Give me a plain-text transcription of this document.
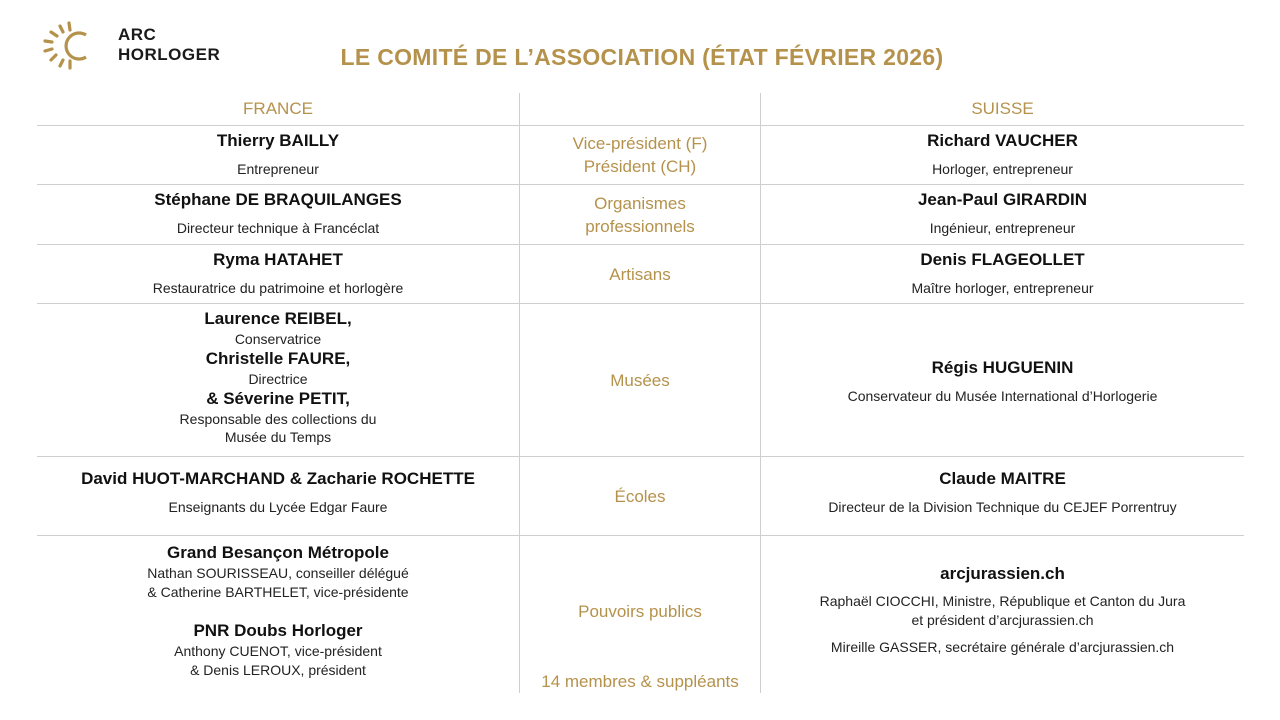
ARC
HORLOGER	LE COMITÉ DE L’ASSOCIATION (ÉTAT FÉVRIER 2026)
FRANCE	SUISSE
Thierry BAILLY
Entrepreneur
Vice-président (F)
Président (CH)
Richard VAUCHER
Horloger, entrepreneur
Stéphane DE BRAQUILANGES
Directeur technique à Francéclat
Organismes
professionnels
Jean-Paul GIRARDIN
Ingénieur, entrepreneur
Ryma HATAHET
Restauratrice du patrimoine et horlogère
Artisans
Denis FLAGEOLLET
Maître horloger, entrepreneur
Laurence REIBEL,
Conservatrice
Christelle FAURE,
Directrice
& Séverine PETIT,
Responsable des collections du
Musée du Temps
Musées
Régis HUGUENIN
Conservateur du Musée International d’Horlogerie
David HUOT-MARCHAND & Zacharie ROCHETTE
Enseignants du Lycée Edgar Faure
Écoles
Claude MAITRE
Directeur de la Division Technique du CEJEF Porrentruy
Grand Besançon Métropole
Nathan SOURISSEAU, conseiller délégué
& Catherine BARTHELET, vice-présidente
PNR Doubs Horloger
Anthony CUENOT, vice-président
& Denis LEROUX, président
Pouvoirs publics
14 membres & suppléants
arcjurassien.ch
Raphaël CIOCCHI, Ministre, République et Canton du Jura
et président d’arcjurassien.ch
Mireille GASSER, secrétaire générale d’arcjurassien.ch
